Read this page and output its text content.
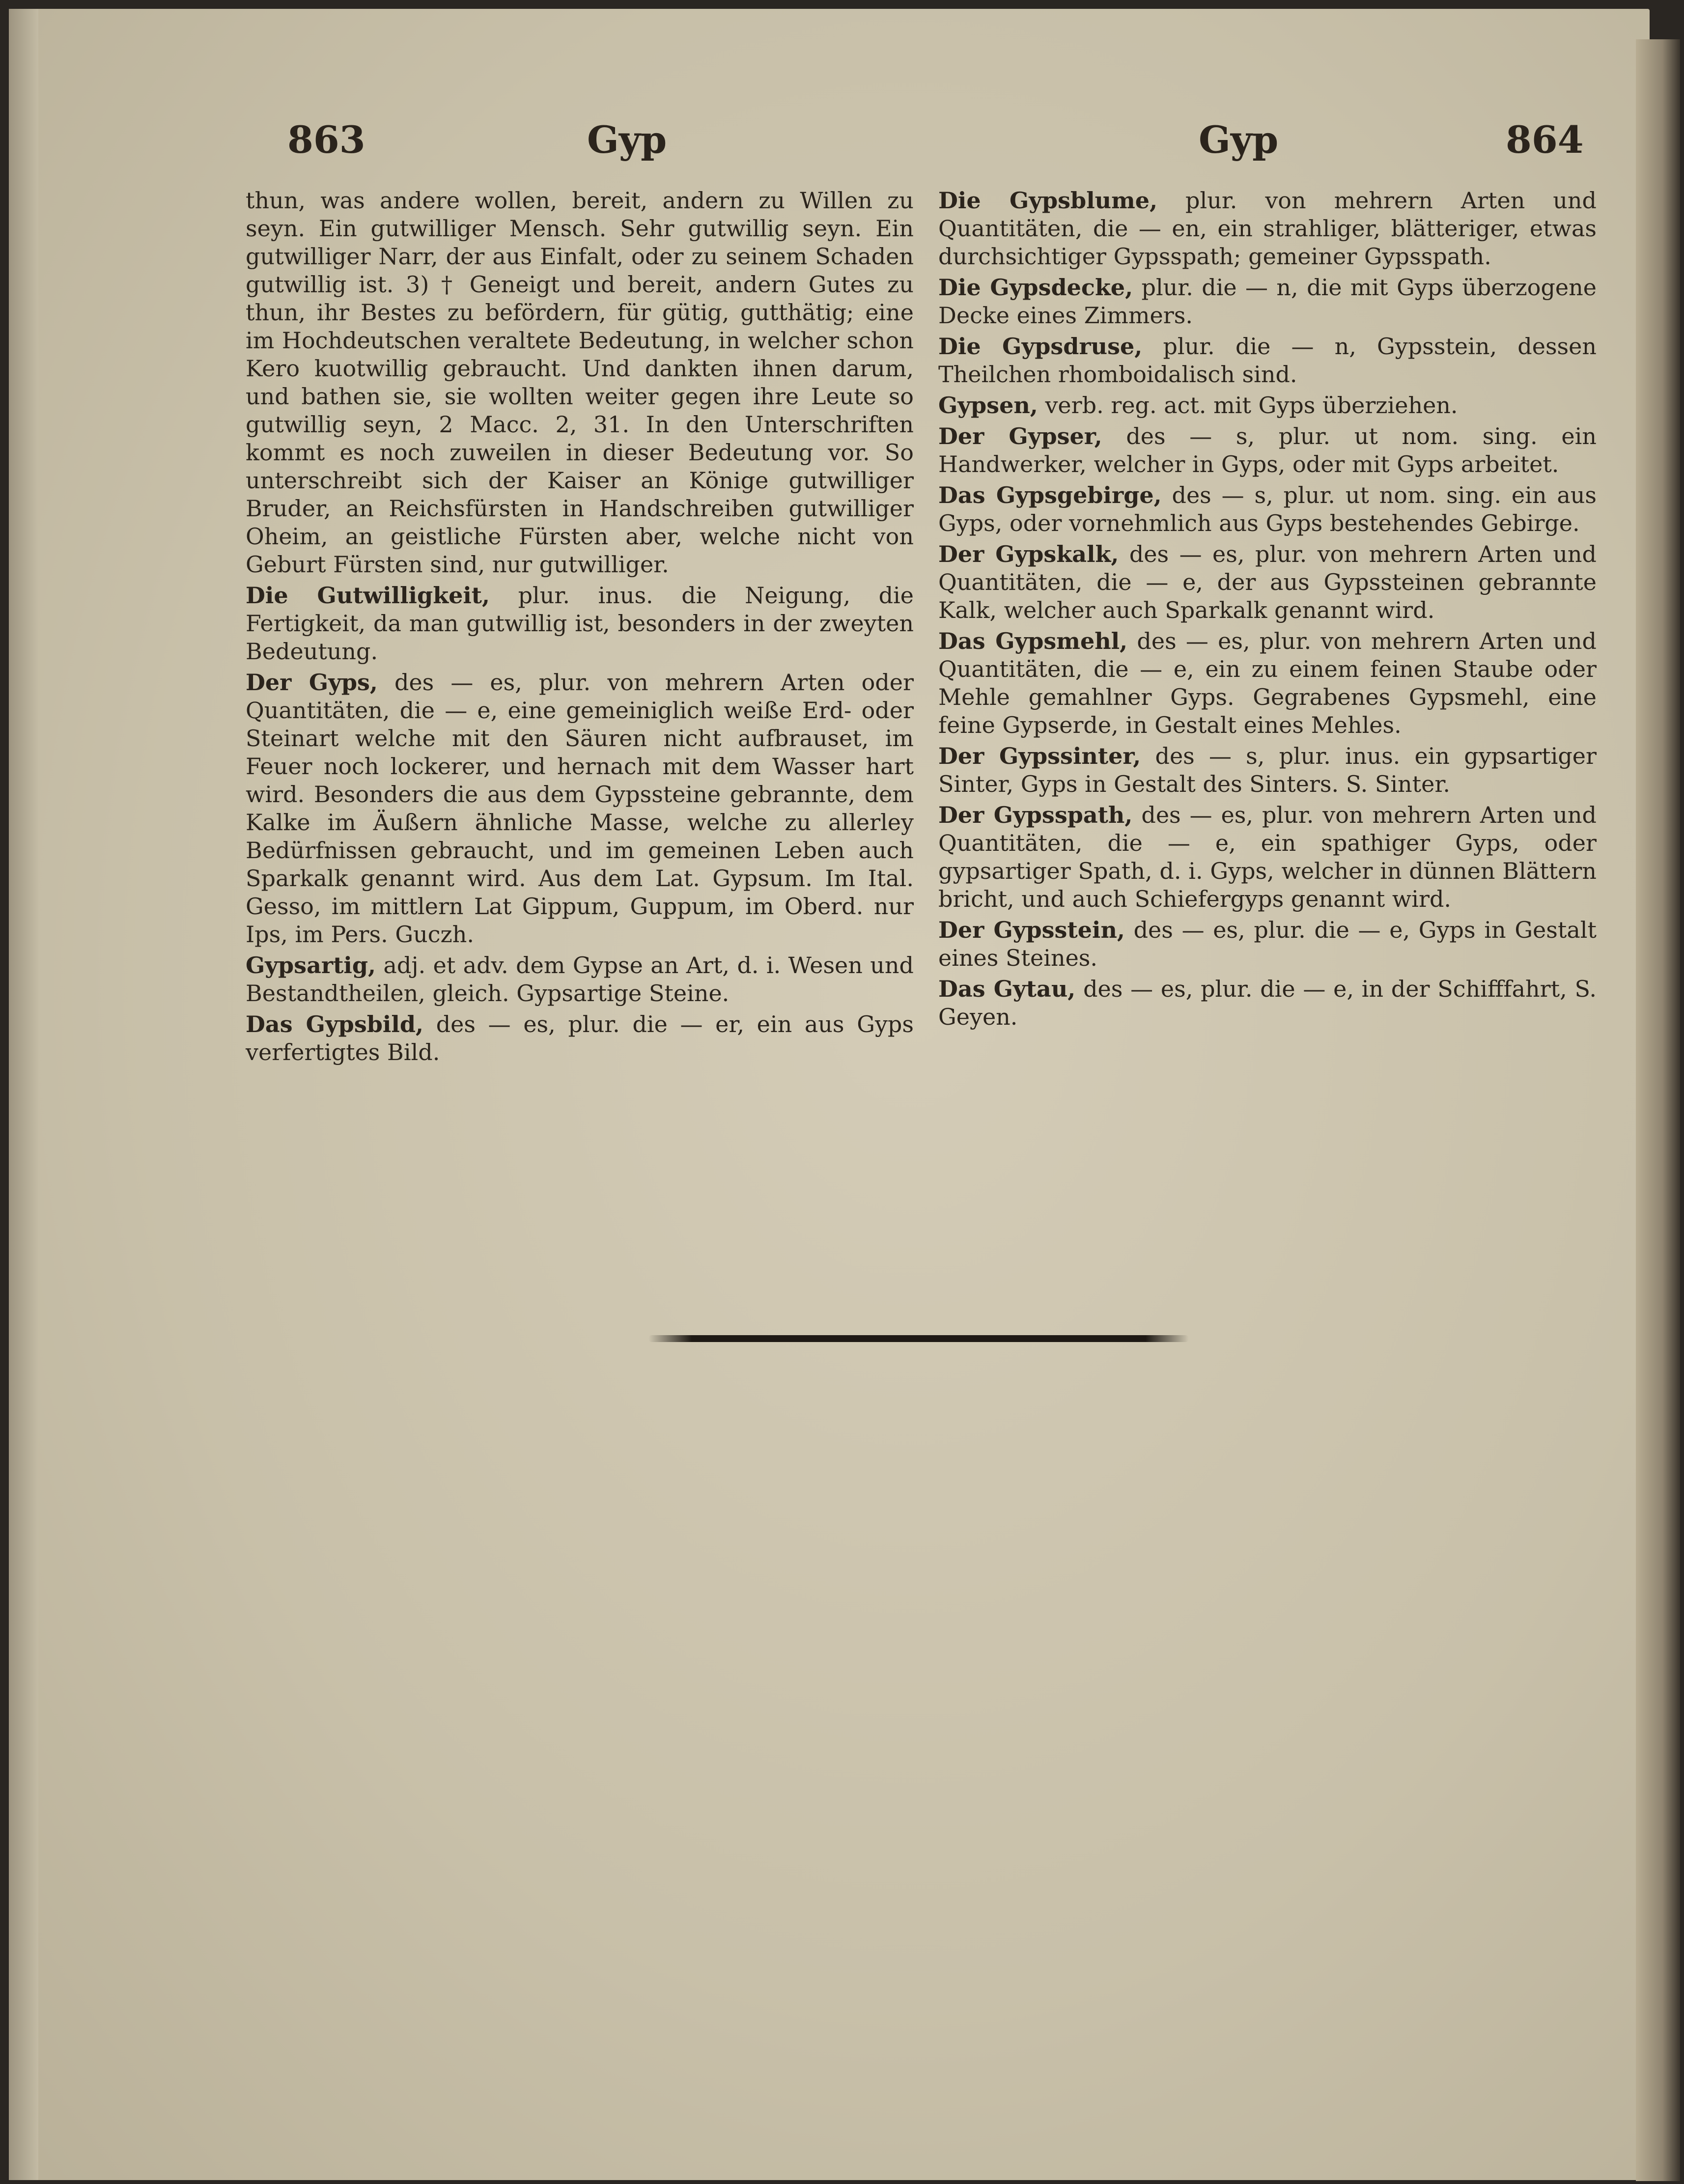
863	Gyp	Gyp	864

thun, was andere wollen, bereit, andern zu Willen zu seyn. Ein gutwilliger Mensch. Sehr gutwillig seyn. Ein gutwilliger Narr, der aus Einfalt, oder zu seinem Schaden gutwillig ist. 3) † Geneigt und bereit, andern Gutes zu thun, ihr Bestes zu befördern, für gütig, gutthätig; eine im Hochdeutschen veraltete Bedeutung, in welcher schon Kero kuotwillig gebraucht. Und dankten ihnen darum, und bathen sie, sie wollten weiter gegen ihre Leute so gutwillig seyn, 2 Macc. 2, 31. In den Unterschriften kommt es noch zuweilen in dieser Bedeutung vor. So unterschreibt sich der Kaiser an Könige gutwilliger Bruder, an Reichsfürsten in Handschreiben gutwilliger Oheim, an geistliche Fürsten aber, welche nicht von Geburt Fürsten sind, nur gutwilliger.

Die Gutwilligkeit, plur. inus. die Neigung, die Fertigkeit, da man gutwillig ist, besonders in der zweyten Bedeutung.

Der Gyps, des — es, plur. von mehrern Arten oder Quantitäten, die — e, eine gemeiniglich weiße Erd- oder Steinart welche mit den Säuren nicht aufbrauset, im Feuer noch lockerer, und hernach mit dem Wasser hart wird. Besonders die aus dem Gypssteine gebrannte, dem Kalke im Äußern ähnliche Masse, welche zu allerley Bedürfnissen gebraucht, und im gemeinen Leben auch Sparkalk genannt wird. Aus dem Lat. Gypsum. Im Ital. Gesso, im mittlern Lat Gippum, Guppum, im Oberd. nur Ips, im Pers. Guczh.

Gypsartig, adj. et adv. dem Gypse an Art, d. i. Wesen und Bestandtheilen, gleich. Gypsartige Steine.

Das Gypsbild, des — es, plur. die — er, ein aus Gyps verfertigtes Bild.

Die Gypsblume, plur. von mehrern Arten und Quantitäten, die — en, ein strahliger, blätteriger, etwas durchsichtiger Gypsspath; gemeiner Gypsspath.

Die Gypsdecke, plur. die — n, die mit Gyps überzogene Decke eines Zimmers.

Die Gypsdruse, plur. die — n, Gypsstein, dessen Theilchen rhomboidalisch sind.

Gypsen, verb. reg. act. mit Gyps überziehen.

Der Gypser, des — s, plur. ut nom. sing. ein Handwerker, welcher in Gyps, oder mit Gyps arbeitet.

Das Gypsgebirge, des — s, plur. ut nom. sing. ein aus Gyps, oder vornehmlich aus Gyps bestehendes Gebirge.

Der Gypskalk, des — es, plur. von mehrern Arten und Quantitäten, die — e, der aus Gypssteinen gebrannte Kalk, welcher auch Sparkalk genannt wird.

Das Gypsmehl, des — es, plur. von mehrern Arten und Quantitäten, die — e, ein zu einem feinen Staube oder Mehle gemahlner Gyps. Gegrabenes Gypsmehl, eine feine Gypserde, in Gestalt eines Mehles.

Der Gypssinter, des — s, plur. inus. ein gypsartiger Sinter, Gyps in Gestalt des Sinters. S. Sinter.

Der Gypsspath, des — es, plur. von mehrern Arten und Quantitäten, die — e, ein spathiger Gyps, oder gypsartiger Spath, d. i. Gyps, welcher in dünnen Blättern bricht, und auch Schiefergyps genannt wird.

Der Gypsstein, des — es, plur. die — e, Gyps in Gestalt eines Steines.

Das Gytau, des — es, plur. die — e, in der Schifffahrt, S. Geyen.
